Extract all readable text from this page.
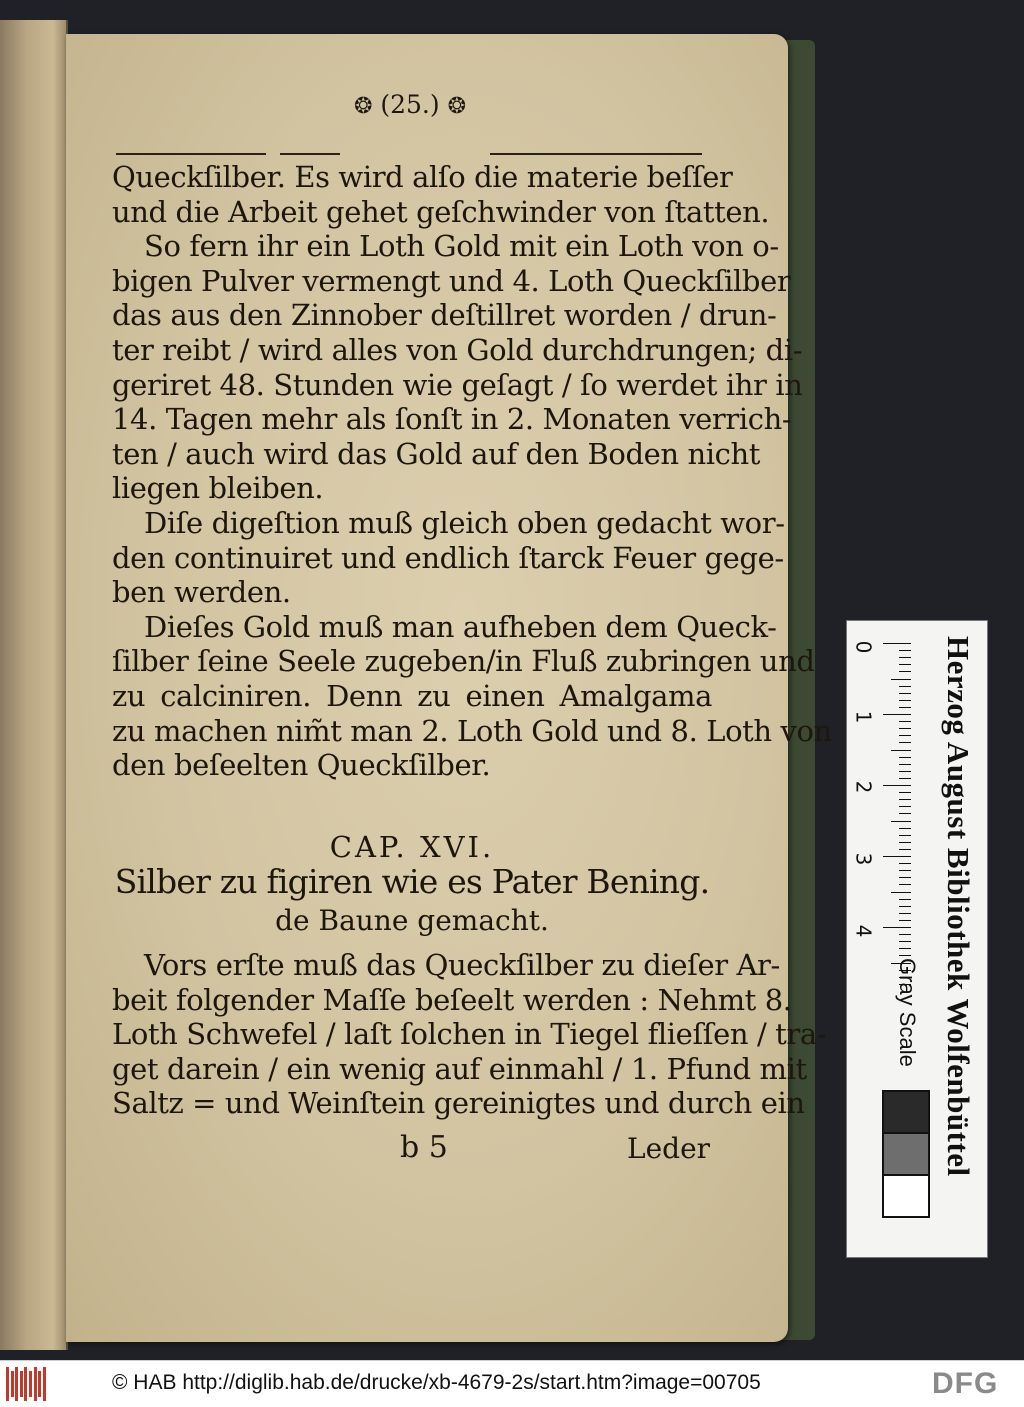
❂ (25.) ❂
Queckſilber. Es wird alſo die materie beſſer
und die Arbeit gehet geſchwinder von ſtatten.
So fern ihr ein Loth Gold mit ein Loth von o-
bigen Pulver vermengt und 4. Loth Queckſilber
das aus den Zinnober deſtillret worden / drun-
ter reibt / wird alles von Gold durchdrungen; di-
geriret 48. Stunden wie geſagt / ſo werdet ihr in
14. Tagen mehr als ſonſt in 2. Monaten verrich-
ten / auch wird das Gold auf den Boden nicht
liegen bleiben.
Diſe digeſtion muß gleich oben gedacht wor-
den continuiret und endlich ſtarck Feuer gege-
ben werden.
Dieſes Gold muß man aufheben dem Queck-
ſilber ſeine Seele zugeben/in Fluß zubringen und
zu calciniren. Denn zu einen Amalgama
zu machen nim̃t man 2. Loth Gold und 8. Loth von
den beſeelten Queckſilber.
CAP. XVI.
Silber zu figiren wie es Pater Bening.
de Baune gemacht.
Vors erſte muß das Queckſilber zu dieſer Ar-
beit folgender Maſſe beſeelt werden : Nehmt 8.
Loth Schwefel / laſt ſolchen in Tiegel flieſſen / tra-
get darein / ein wenig auf einmahl / 1. Pfund mit
Saltz = und Weinſtein gereinigtes und durch ein
b 5	Leder
0
1
2
3
4
Gray Scale Herzog August Bibliothek Wolfenbüttel
© HAB http://diglib.hab.de/drucke/xb-4679-2s/start.htm?image=00705	DFG
